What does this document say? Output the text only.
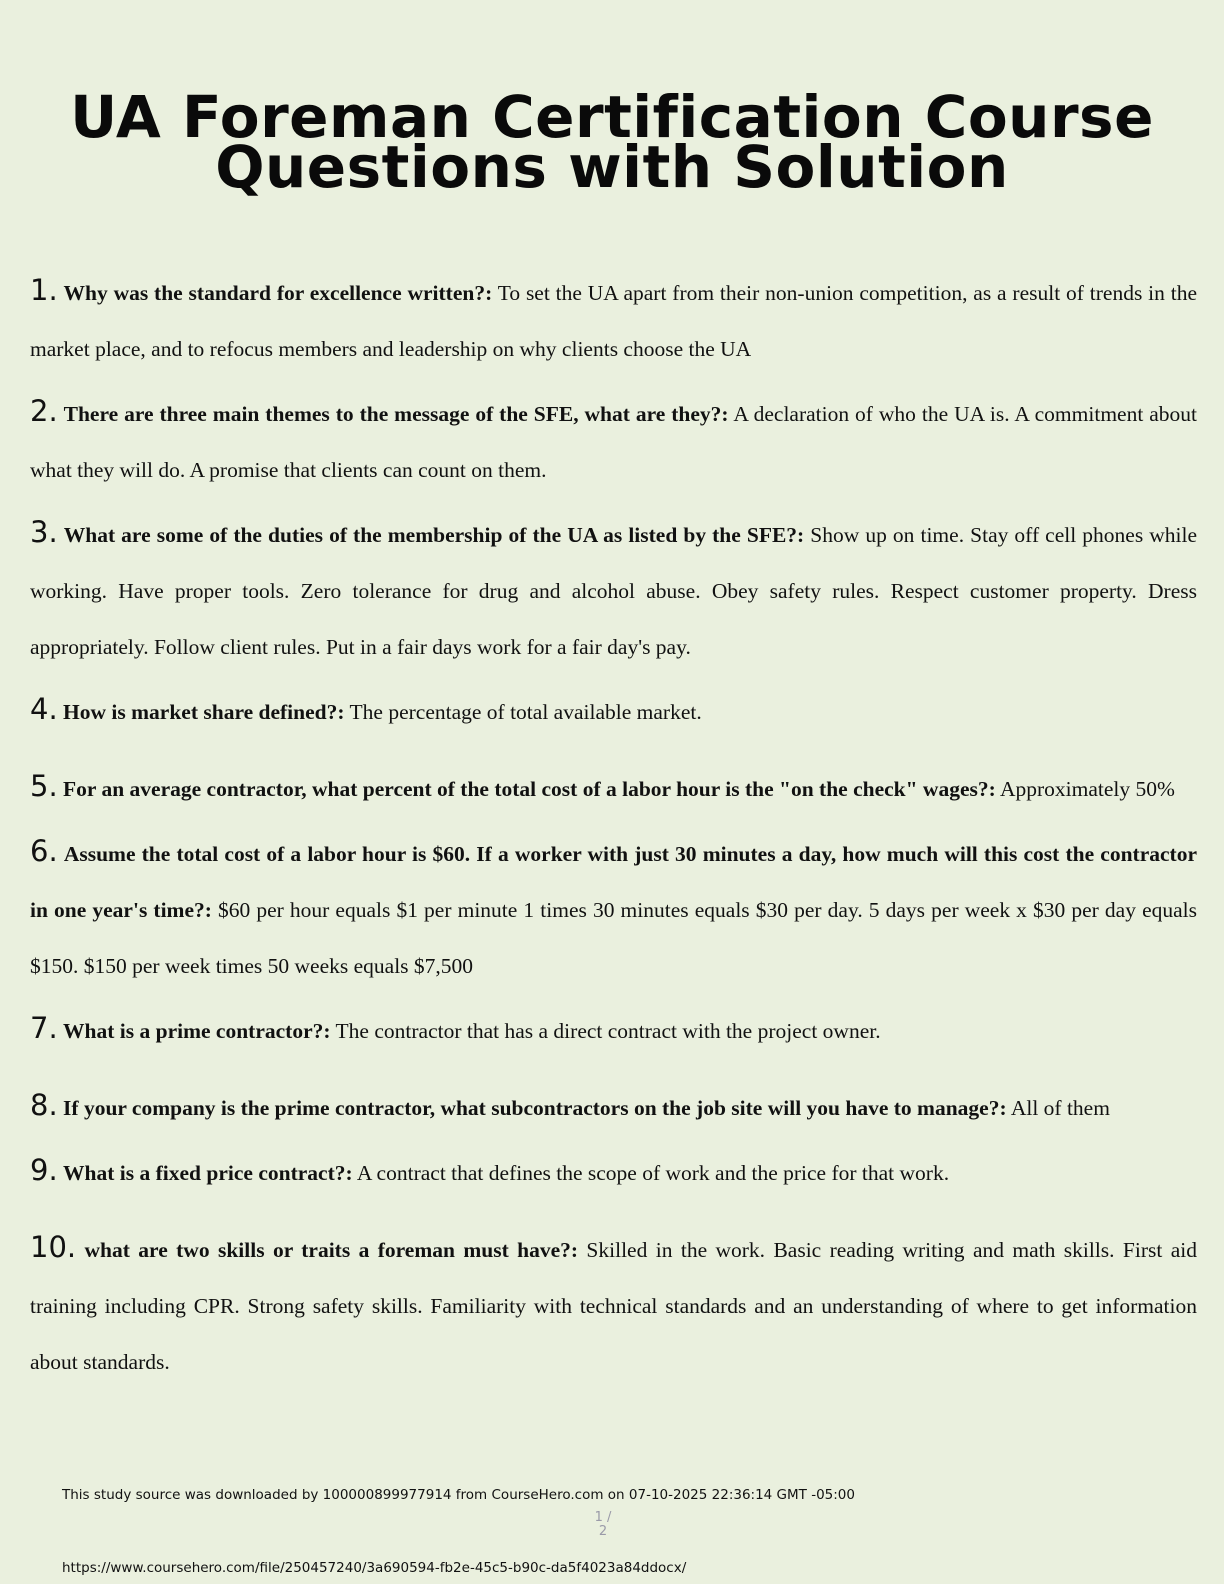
UA Foreman Certification Course
Questions with Solution

1. Why was the standard for excellence written?: To set the UA apart from their non-union competition, as a result of trends in the market place, and to refocus members and leadership on why clients choose the UA

2. There are three main themes to the message of the SFE, what are they?: A declaration of who the UA is. A commitment about what they will do. A promise that clients can count on them.

3. What are some of the duties of the membership of the UA as listed by the SFE?: Show up on time. Stay off cell phones while working. Have proper tools. Zero tolerance for drug and alcohol abuse. Obey safety rules. Respect customer property. Dress appropriately. Follow client rules. Put in a fair days work for a fair day's pay.

4. How is market share defined?: The percentage of total available market.

5. For an average contractor, what percent of the total cost of a labor hour is the "on the check" wages?: Approximately 50%

6. Assume the total cost of a labor hour is $60. If a worker with just 30 minutes a day, how much will this cost the contractor in one year's time?: $60 per hour equals $1 per minute 1 times 30 minutes equals $30 per day. 5 days per week x $30 per day equals $150. $150 per week times 50 weeks equals $7,500

7. What is a prime contractor?: The contractor that has a direct contract with the project owner.

8. If your company is the prime contractor, what subcontractors on the job site will you have to manage?: All of them

9. What is a fixed price contract?: A contract that defines the scope of work and the price for that work.

10. what are two skills or traits a foreman must have?: Skilled in the work. Basic reading writing and math skills. First aid training including CPR. Strong safety skills. Familiarity with technical standards and an understanding of where to get information about standards.

This study source was downloaded by 100000899977914 from CourseHero.com on 07-10-2025 22:36:14 GMT -05:00
1 /
2
https://www.coursehero.com/file/250457240/3a690594-fb2e-45c5-b90c-da5f4023a84ddocx/
